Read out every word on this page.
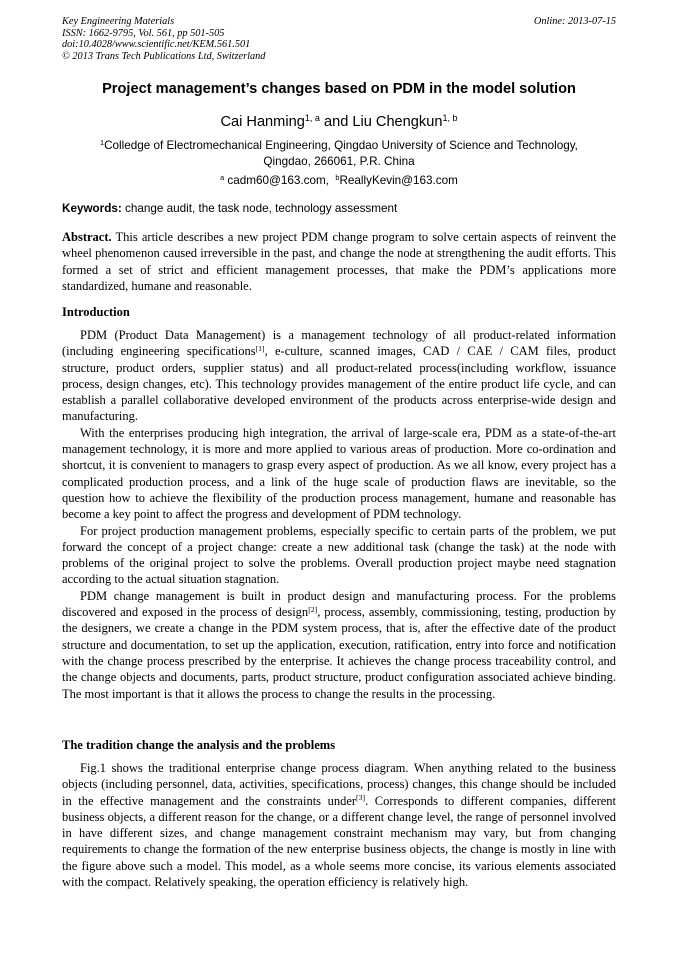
Key Engineering Materials
ISSN: 1662-9795, Vol. 561, pp 501-505
doi:10.4028/www.scientific.net/KEM.561.501
© 2013 Trans Tech Publications Ltd, Switzerland
Online: 2013-07-15
Project management’s changes based on PDM in the model solution
Cai Hanming$^{1, a}$ and Liu Chengkun$^{1, b}$
$^1$Colledge of Electromechanical Engineering, Qingdao University of Science and Technology,
Qingdao, 266061, P.R. China
$^a$ cadm60@163.com, $^b$ReallyKevin@163.com
Keywords: change audit, the task node, technology assessment

Abstract. This article describes a new project PDM change program to solve certain aspects of reinvent the wheel phenomenon caused irreversible in the past, and change the node at strengthening the audit efforts. This formed a set of strict and efficient management processes, that make the PDM’s applications more standardized, humane and reasonable.

Introduction

PDM (Product Data Management) is a management technology of all product-related information (including engineering specifications[1], e-culture, scanned images, CAD / CAE / CAM files, product structure, product orders, supplier status) and all product-related process(including workflow, issuance process, design changes, etc). This technology provides management of the entire product life cycle, and can establish a parallel collaborative developed environment of the products across enterprise-wide design and manufacturing.

With the enterprises producing high integration, the arrival of large-scale era, PDM as a state-of-the-art management technology, it is more and more applied to various areas of production. More co-ordination and shortcut, it is convenient to managers to grasp every aspect of production. As we all know, every project has a complicated production process, and a link of the huge scale of production flaws are inevitable, so the question how to achieve the flexibility of the production process management, humane and reasonable has become a key point to affect the progress and development of PDM technology.

For project production management problems, especially specific to certain parts of the problem, we put forward the concept of a project change: create a new additional task (change the task) at the node with problems of the original project to solve the problems. Overall production project maybe need stagnation according to the actual situation stagnation.

PDM change management is built in product design and manufacturing process. For the problems discovered and exposed in the process of design[2], process, assembly, commissioning, testing, production by the designers, we create a change in the PDM system process, that is, after the effective date of the product structure and documentation, to set up the application, execution, ratification, entry into force and notification with the change process prescribed by the enterprise. It achieves the change process traceability control, and the change objects and documents, parts, product structure, product configuration associated achieve binding. The most important is that it allows the process to change the results in the processing.

The tradition change the analysis and the problems

Fig.1 shows the traditional enterprise change process diagram. When anything related to the business objects (including personnel, data, activities, specifications, process) changes, this change should be included in the effective management and the constraints under[3]. Corresponds to different companies, different business objects, a different reason for the change, or a different change level, the range of personnel involved in have different sizes, and change management constraint mechanism may vary, but from changing requirements to change the formation of the new enterprise business objects, the change is mostly in line with the figure above such a model. This model, as a whole seems more concise, its various elements associated with the compact. Relatively speaking, the operation efficiency is relatively high.
